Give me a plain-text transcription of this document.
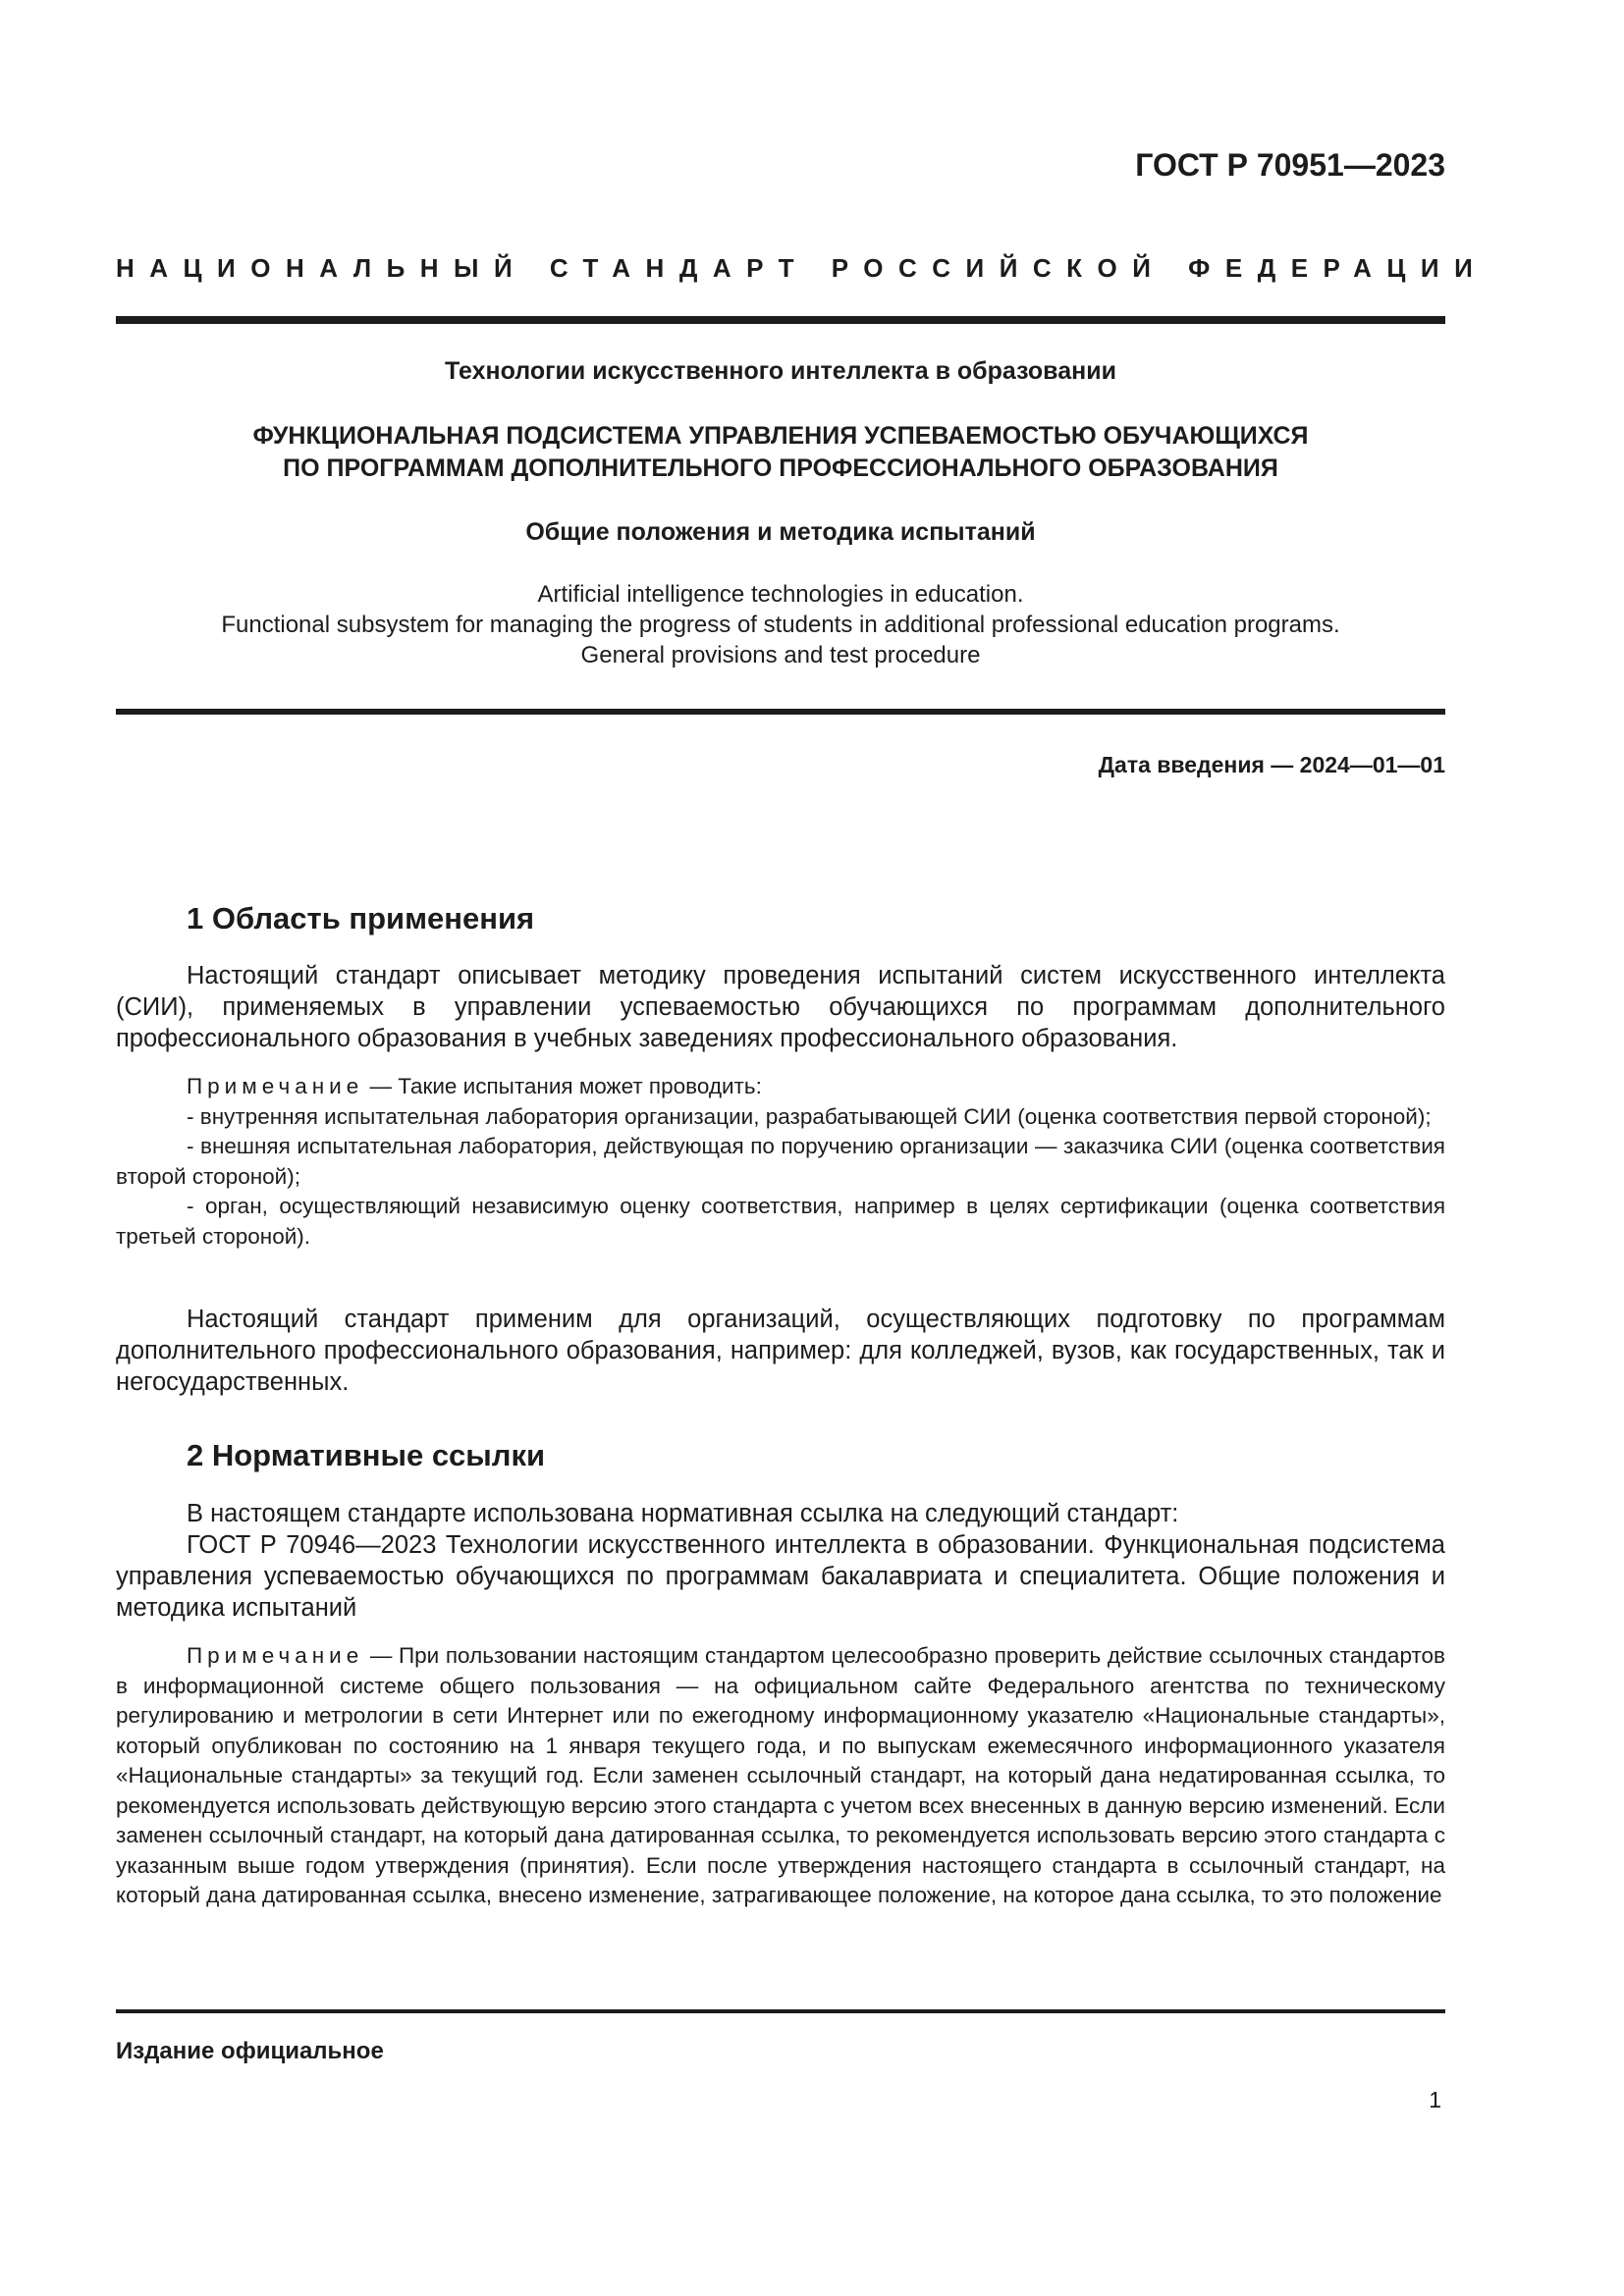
ГОСТ Р 70951—2023
НАЦИОНАЛЬНЫЙ СТАНДАРТ РОССИЙСКОЙ ФЕДЕРАЦИИ
Технологии искусственного интеллекта в образовании
ФУНКЦИОНАЛЬНАЯ ПОДСИСТЕМА УПРАВЛЕНИЯ УСПЕВАЕМОСТЬЮ ОБУЧАЮЩИХСЯ
ПО ПРОГРАММАМ ДОПОЛНИТЕЛЬНОГО ПРОФЕССИОНАЛЬНОГО ОБРАЗОВАНИЯ
Общие положения и методика испытаний
Artificial intelligence technologies in education.
Functional subsystem for managing the progress of students in additional professional education programs.
General provisions and test procedure
Дата введения — 2024—01—01
1 Область применения
Настоящий стандарт описывает методику проведения испытаний систем искусственного интеллекта (СИИ), применяемых в управлении успеваемостью обучающихся по программам дополнительного профессионального образования в учебных заведениях профессионального образования.
Примечание — Такие испытания может проводить:
- внутренняя испытательная лаборатория организации, разрабатывающей СИИ (оценка соответствия первой стороной);
- внешняя испытательная лаборатория, действующая по поручению организации — заказчика СИИ (оценка соответствия второй стороной);
- орган, осуществляющий независимую оценку соответствия, например в целях сертификации (оценка соответствия третьей стороной).
Настоящий стандарт применим для организаций, осуществляющих подготовку по программам дополнительного профессионального образования, например: для колледжей, вузов, как государственных, так и негосударственных.
2 Нормативные ссылки
В настоящем стандарте использована нормативная ссылка на следующий стандарт:
ГОСТ Р 70946—2023 Технологии искусственного интеллекта в образовании. Функциональная подсистема управления успеваемостью обучающихся по программам бакалавриата и специалитета. Общие положения и методика испытаний
Примечание — При пользовании настоящим стандартом целесообразно проверить действие ссылочных стандартов в информационной системе общего пользования — на официальном сайте Федерального агентства по техническому регулированию и метрологии в сети Интернет или по ежегодному информационному указателю «Национальные стандарты», который опубликован по состоянию на 1 января текущего года, и по выпускам ежемесячного информационного указателя «Национальные стандарты» за текущий год. Если заменен ссылочный стандарт, на который дана недатированная ссылка, то рекомендуется использовать действующую версию этого стандарта с учетом всех внесенных в данную версию изменений. Если заменен ссылочный стандарт, на который дана датированная ссылка, то рекомендуется использовать версию этого стандарта с указанным выше годом утверждения (принятия). Если после утверждения настоящего стандарта в ссылочный стандарт, на который дана датированная ссылка, внесено изменение, затрагивающее положение, на которое дана ссылка, то это положение
Издание официальное
1
